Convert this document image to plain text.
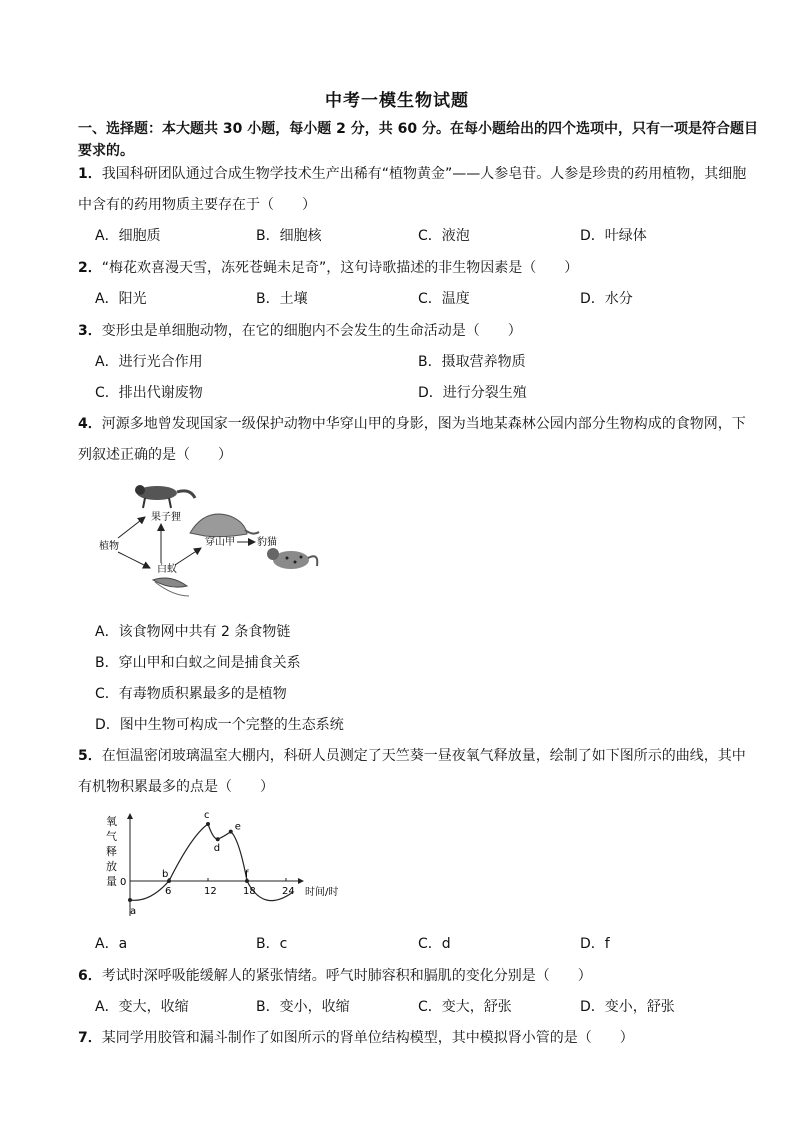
中考一模生物试题
一、选择题：本大题共 30 小题，每小题 2 分，共 60 分。在每小题给出的四个选项中，只有一项是符合题目要求的。
1．我国科研团队通过合成生物学技术生产出稀有“植物黄金”——人参皂苷。人参是珍贵的药用植物，其细胞中含有的药用物质主要存在于（　　）
A．细胞质	B．细胞核	C．液泡	D．叶绿体
2．“梅花欢喜漫天雪，冻死苍蝇未足奇”，这句诗歌描述的非生物因素是（　　）
A．阳光	B．土壤	C．温度	D．水分
3．变形虫是单细胞动物，在它的细胞内不会发生的生命活动是（　　）
A．进行光合作用	B．摄取营养物质
C．排出代谢废物	D．进行分裂生殖
4．河源多地曾发现国家一级保护动物中华穿山甲的身影，图为当地某森林公园内部分生物构成的食物网，下列叙述正确的是（　　）
植物
果子狸
白蚁
穿山甲 豹猫
A．该食物网中共有 2 条食物链
B．穿山甲和白蚁之间是捕食关系
C．有毒物质积累最多的是植物
D．图中生物可构成一个完整的生态系统
5．在恒温密闭玻璃温室大棚内，科研人员测定了天竺葵一昼夜氧气释放量，绘制了如下图所示的曲线，其中有机物积累最多的点是（　　）
氧
气
释
放
量 0
时间/时
6	12	18	24
a
b
c
d
e
f
A．a	B．c	C．d	D．f
6．考试时深呼吸能缓解人的紧张情绪。呼气时肺容积和膈肌的变化分别是（　　）
A．变大，收缩	B．变小，收缩	C．变大，舒张	D．变小，舒张
7．某同学用胶管和漏斗制作了如图所示的肾单位结构模型，其中模拟肾小管的是（　　）
